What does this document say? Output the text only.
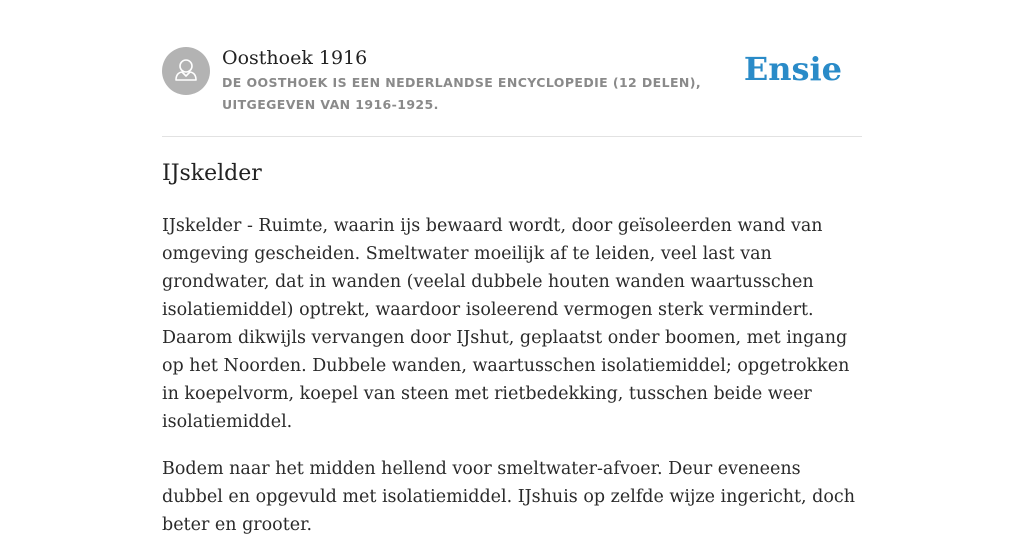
Oosthoek 1916
DE OOSTHOEK IS EEN NEDERLANDSE ENCYCLOPEDIE (12 DELEN), UITGEGEVEN VAN 1916-1925.
Ensie
IJskelder

IJskelder - Ruimte, waarin ijs bewaard wordt, door geïsoleerden wand van omgeving gescheiden. Smeltwater moeilijk af te leiden, veel last van grondwater, dat in wanden (veelal dubbele houten wanden waartusschen isolatiemiddel) optrekt, waardoor isoleerend vermogen sterk vermindert. Daarom dikwijls vervangen door IJshut, geplaatst onder boomen, met ingang op het Noorden. Dubbele wanden, waartusschen isolatiemiddel; opgetrokken in koepelvorm, koepel van steen met rietbedekking, tusschen beide weer isolatiemiddel.

Bodem naar het midden hellend voor smeltwater-afvoer. Deur eveneens dubbel en opgevuld met isolatiemiddel. IJshuis op zelfde wijze ingericht, doch beter en grooter.
